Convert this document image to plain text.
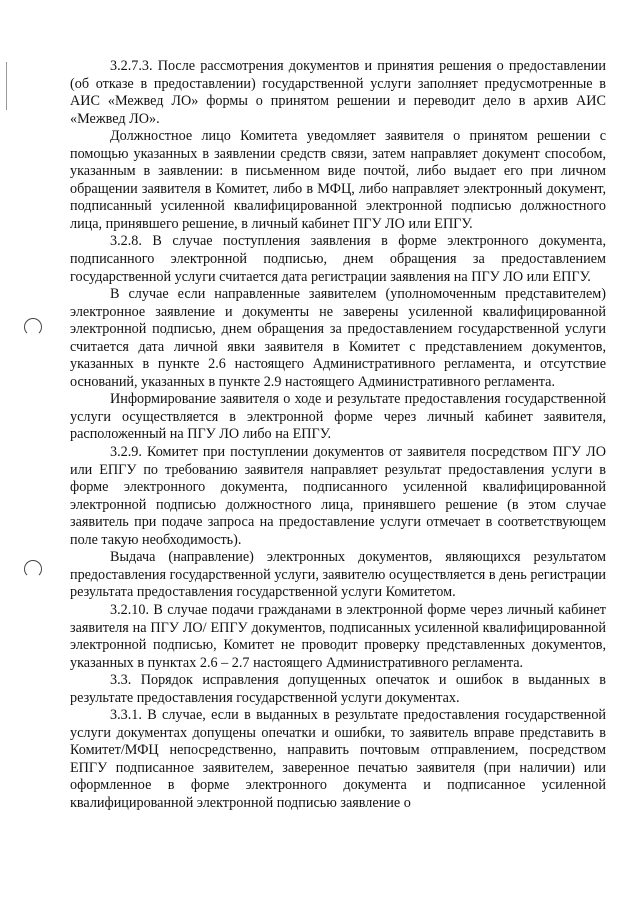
3.2.7.3. После рассмотрения документов и принятия решения о предоставлении (об отказе в предоставлении) государственной услуги заполняет предусмотренные в АИС «Межвед ЛО» формы о принятом решении и переводит дело в архив АИС «Межвед ЛО».

Должностное лицо Комитета уведомляет заявителя о принятом решении с помощью указанных в заявлении средств связи, затем направляет документ способом, указанным в заявлении: в письменном виде почтой, либо выдает его при личном обращении заявителя в Комитет, либо в МФЦ, либо направляет электронный документ, подписанный усиленной квалифицированной электронной подписью должностного лица, принявшего решение, в личный кабинет ПГУ ЛО или ЕПГУ.

3.2.8. В случае поступления заявления в форме электронного документа, подписанного электронной подписью, днем обращения за предоставлением государственной услуги считается дата регистрации заявления на ПГУ ЛО или ЕПГУ.

В случае если направленные заявителем (уполномоченным представителем) электронное заявление и документы не заверены усиленной квалифицированной электронной подписью, днем обращения за предоставлением государственной услуги считается дата личной явки заявителя в Комитет с представлением документов, указанных в пункте 2.6 настоящего Административного регламента, и отсутствие оснований, указанных в пункте 2.9 настоящего Административного регламента.

Информирование заявителя о ходе и результате предоставления государственной услуги осуществляется в электронной форме через личный кабинет заявителя, расположенный на ПГУ ЛО либо на ЕПГУ.

3.2.9. Комитет при поступлении документов от заявителя посредством ПГУ ЛО или ЕПГУ по требованию заявителя направляет результат предоставления услуги в форме электронного документа, подписанного усиленной квалифицированной электронной подписью должностного лица, принявшего решение (в этом случае заявитель при подаче запроса на предоставление услуги отмечает в соответствующем поле такую необходимость).

Выдача (направление) электронных документов, являющихся результатом предоставления государственной услуги, заявителю осуществляется в день регистрации результата предоставления государственной услуги Комитетом.

3.2.10. В случае подачи гражданами в электронной форме через личный кабинет заявителя на ПГУ ЛО/ ЕПГУ документов, подписанных усиленной квалифицированной электронной подписью, Комитет не проводит проверку представленных документов, указанных в пунктах 2.6 – 2.7 настоящего Административного регламента.

3.3. Порядок исправления допущенных опечаток и ошибок в выданных в результате предоставления государственной услуги документах.

3.3.1. В случае, если в выданных в результате предоставления государственной услуги документах допущены опечатки и ошибки, то заявитель вправе представить в Комитет/МФЦ непосредственно, направить почтовым отправлением, посредством ЕПГУ подписанное заявителем, заверенное печатью заявителя (при наличии) или оформленное в форме электронного документа и подписанное усиленной квалифицированной электронной подписью заявление о
